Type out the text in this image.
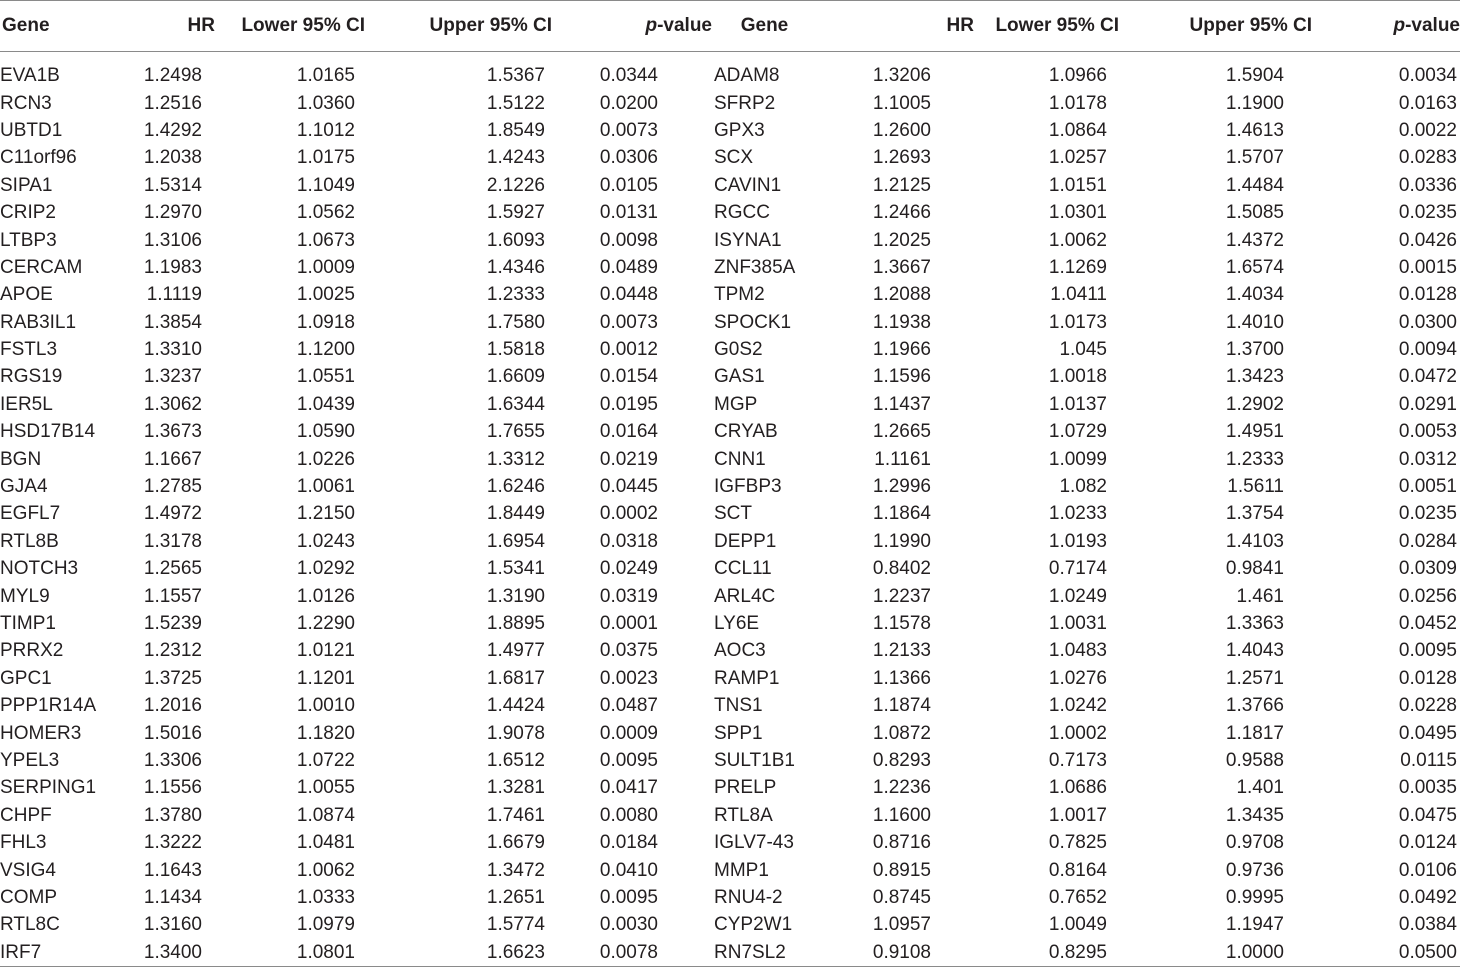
Gene	HR	Lower 95% CI	Upper 95% CI	p-value	Gene	HR	Lower 95% CI	Upper 95% CI	p-value

EVA1B	1.2498	1.0165	1.5367	0.0344	ADAM8	1.3206	1.0966	1.5904	0.0034
RCN3	1.2516	1.0360	1.5122	0.0200	SFRP2	1.1005	1.0178	1.1900	0.0163
UBTD1	1.4292	1.1012	1.8549	0.0073	GPX3	1.2600	1.0864	1.4613	0.0022
C11orf96	1.2038	1.0175	1.4243	0.0306	SCX	1.2693	1.0257	1.5707	0.0283
SIPA1	1.5314	1.1049	2.1226	0.0105	CAVIN1	1.2125	1.0151	1.4484	0.0336
CRIP2	1.2970	1.0562	1.5927	0.0131	RGCC	1.2466	1.0301	1.5085	0.0235
LTBP3	1.3106	1.0673	1.6093	0.0098	ISYNA1	1.2025	1.0062	1.4372	0.0426
CERCAM	1.1983	1.0009	1.4346	0.0489	ZNF385A	1.3667	1.1269	1.6574	0.0015
APOE	1.1119	1.0025	1.2333	0.0448	TPM2	1.2088	1.0411	1.4034	0.0128
RAB3IL1	1.3854	1.0918	1.7580	0.0073	SPOCK1	1.1938	1.0173	1.4010	0.0300
FSTL3	1.3310	1.1200	1.5818	0.0012	G0S2	1.1966	1.045	1.3700	0.0094
RGS19	1.3237	1.0551	1.6609	0.0154	GAS1	1.1596	1.0018	1.3423	0.0472
IER5L	1.3062	1.0439	1.6344	0.0195	MGP	1.1437	1.0137	1.2902	0.0291
HSD17B14	1.3673	1.0590	1.7655	0.0164	CRYAB	1.2665	1.0729	1.4951	0.0053
BGN	1.1667	1.0226	1.3312	0.0219	CNN1	1.1161	1.0099	1.2333	0.0312
GJA4	1.2785	1.0061	1.6246	0.0445	IGFBP3	1.2996	1.082	1.5611	0.0051
EGFL7	1.4972	1.2150	1.8449	0.0002	SCT	1.1864	1.0233	1.3754	0.0235
RTL8B	1.3178	1.0243	1.6954	0.0318	DEPP1	1.1990	1.0193	1.4103	0.0284
NOTCH3	1.2565	1.0292	1.5341	0.0249	CCL11	0.8402	0.7174	0.9841	0.0309
MYL9	1.1557	1.0126	1.3190	0.0319	ARL4C	1.2237	1.0249	1.461	0.0256
TIMP1	1.5239	1.2290	1.8895	0.0001	LY6E	1.1578	1.0031	1.3363	0.0452
PRRX2	1.2312	1.0121	1.4977	0.0375	AOC3	1.2133	1.0483	1.4043	0.0095
GPC1	1.3725	1.1201	1.6817	0.0023	RAMP1	1.1366	1.0276	1.2571	0.0128
PPP1R14A	1.2016	1.0010	1.4424	0.0487	TNS1	1.1874	1.0242	1.3766	0.0228
HOMER3	1.5016	1.1820	1.9078	0.0009	SPP1	1.0872	1.0002	1.1817	0.0495
YPEL3	1.3306	1.0722	1.6512	0.0095	SULT1B1	0.8293	0.7173	0.9588	0.0115
SERPING1	1.1556	1.0055	1.3281	0.0417	PRELP	1.2236	1.0686	1.401	0.0035
CHPF	1.3780	1.0874	1.7461	0.0080	RTL8A	1.1600	1.0017	1.3435	0.0475
FHL3	1.3222	1.0481	1.6679	0.0184	IGLV7-43	0.8716	0.7825	0.9708	0.0124
VSIG4	1.1643	1.0062	1.3472	0.0410	MMP1	0.8915	0.8164	0.9736	0.0106
COMP	1.1434	1.0333	1.2651	0.0095	RNU4-2	0.8745	0.7652	0.9995	0.0492
RTL8C	1.3160	1.0979	1.5774	0.0030	CYP2W1	1.0957	1.0049	1.1947	0.0384
IRF7	1.3400	1.0801	1.6623	0.0078	RN7SL2	0.9108	0.8295	1.0000	0.0500
